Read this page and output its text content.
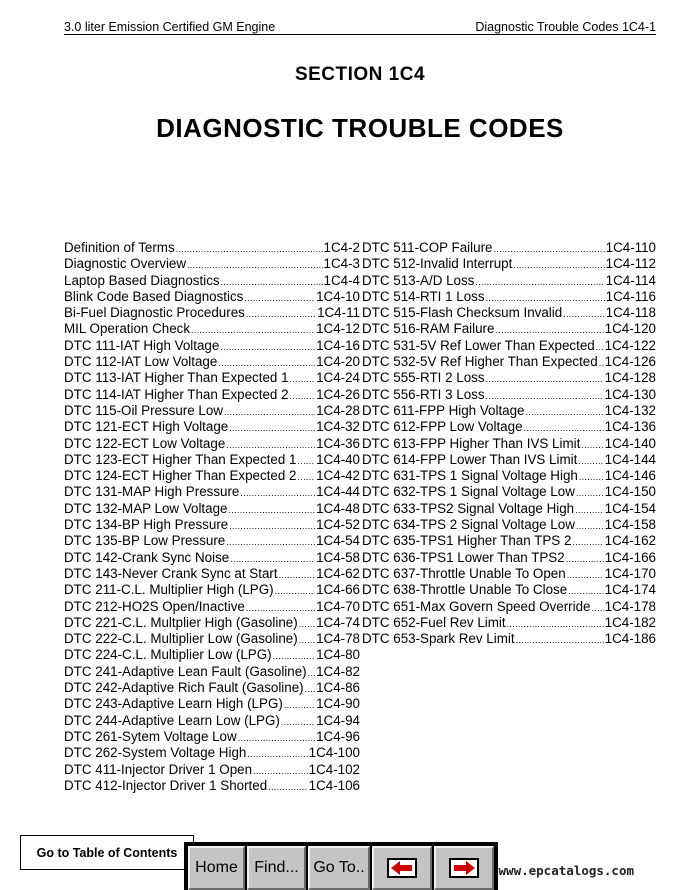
3.0 liter Emission Certified GM Engine	Diagnostic Trouble Codes 1C4-1
SECTION 1C4
DIAGNOSTIC TROUBLE CODES
Definition of Terms .....	1C4-2
Diagnostic Overview .....	1C4-3
Laptop Based Diagnostics .....	1C4-4
Blink Code Based Diagnostics .....	1C4-10
Bi-Fuel Diagnostic Procedures .....	1C4-11
MIL Operation Check .....	1C4-12
DTC 111-IAT High Voltage .....	1C4-16
DTC 112-IAT Low Voltage .....	1C4-20
DTC 113-IAT Higher Than Expected 1 ..... 1C4-24
DTC 114-IAT Higher Than Expected 2 ..... 1C4-26
DTC 115-Oil Pressure Low .....	1C4-28
DTC 121-ECT High Voltage .....	1C4-32
DTC 122-ECT Low Voltage .....	1C4-36
DTC 123-ECT Higher Than Expected 1 ..... 1C4-40
DTC 124-ECT Higher Than Expected 2 ..... 1C4-42
DTC 131-MAP High Pressure .....	1C4-44
DTC 132-MAP Low Voltage .....	1C4-48
DTC 134-BP High Pressure .....	1C4-52
DTC 135-BP Low Pressure .....	1C4-54
DTC 142-Crank Sync Noise .....	1C4-58
DTC 143-Never Crank Sync at Start .....	1C4-62
DTC 211-C.L. Multiplier High (LPG) .....	1C4-66
DTC 212-HO2S Open/Inactive .....	1C4-70
DTC 221-C.L. Multplier High (Gasoline) ..... 1C4-74
DTC 222-C.L. Multiplier Low (Gasoline) ..... 1C4-78
DTC 224-C.L. Multiplier Low (LPG) .....	1C4-80
DTC 241-Adaptive Lean Fault (Gasoline) ..... 1C4-82
DTC 242-Adaptive Rich Fault (Gasoline) ..... 1C4-86
DTC 243-Adaptive Learn High (LPG) ..... 1C4-90
DTC 244-Adaptive Learn Low (LPG) .....	1C4-94
DTC 261-Sytem Voltage Low .....	1C4-96
DTC 262-System Voltage High .....	1C4-100
DTC 411-Injector Driver 1 Open .....	1C4-102
DTC 412-Injector Driver 1 Shorted .....	1C4-106
DTC 511-COP Failure .....	1C4-110
DTC 512-Invalid Interrupt .....	1C4-112
DTC 513-A/D Loss .....	1C4-114
DTC 514-RTI 1 Loss .....	1C4-116
DTC 515-Flash Checksum Invalid .....	1C4-118
DTC 516-RAM Failure .....	1C4-120
DTC 531-5V Ref Lower Than Expected ..... 1C4-122
DTC 532-5V Ref Higher Than Expected ..... 1C4-126
DTC 555-RTI 2 Loss .....	1C4-128
DTC 556-RTI 3 Loss .....	1C4-130
DTC 611-FPP High Voltage .....	1C4-132
DTC 612-FPP Low Voltage .....	1C4-136
DTC 613-FPP Higher Than IVS Limit ..... 1C4-140
DTC 614-FPP Lower Than IVS Limit ..... 1C4-144
DTC 631-TPS 1 Signal Voltage High ..... 1C4-146
DTC 632-TPS 1 Signal Voltage Low ..... 1C4-150
DTC 633-TPS2 Signal Voltage High ..... 1C4-154
DTC 634-TPS 2 Signal Voltage Low ..... 1C4-158
DTC 635-TPS1 Higher Than TPS 2 ..... 1C4-162
DTC 636-TPS1 Lower Than TPS2 .....	1C4-166
DTC 637-Throttle Unable To Open .....	1C4-170
DTC 638-Throttle Unable To Close .....	1C4-174
DTC 651-Max Govern Speed Override ..... 1C4-178
DTC 652-Fuel Rev Limit .....	1C4-182
DTC 653-Spark Rev Limit .....	1C4-186
Go to Table of Contents
Home	Find... Go To..	www.epcatalogs.com
